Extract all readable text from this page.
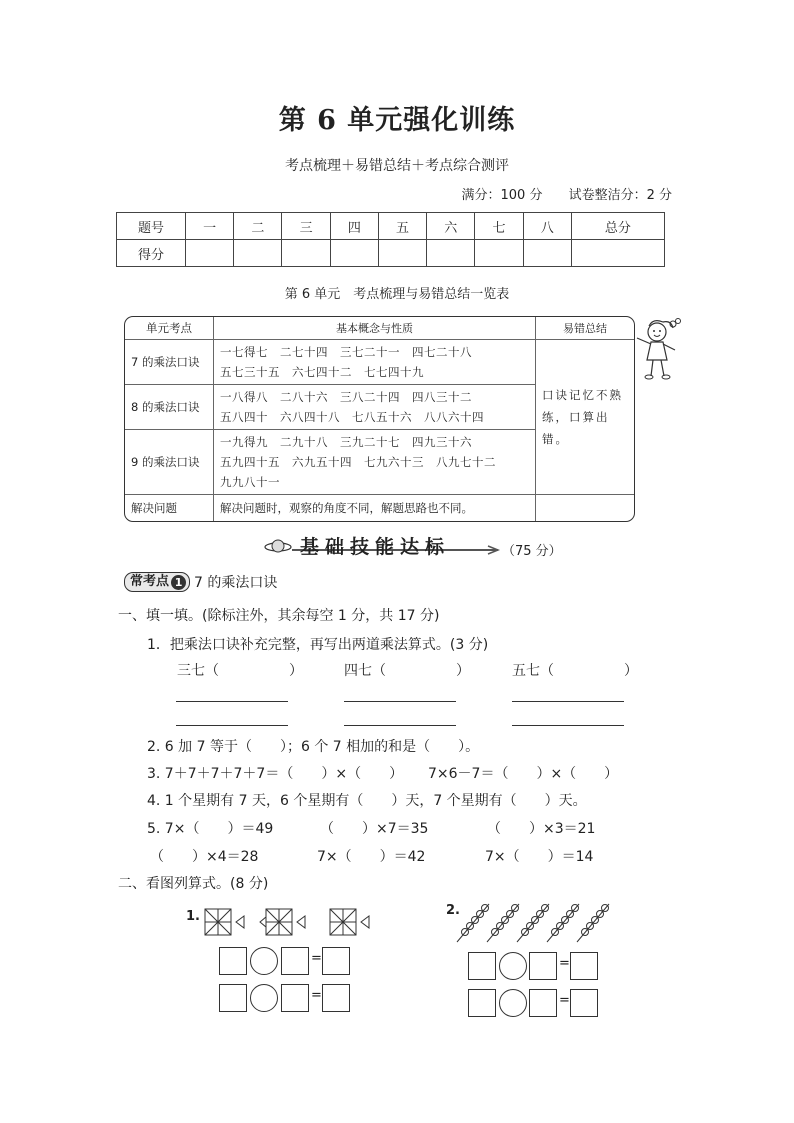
第 6 单元强化训练
考点梳理＋易错总结＋考点综合测评
满分：100 分 试卷整洁分：2 分
题号	一	二	三	四	五	六	七	八	总分
得分									
第 6 单元　考点梳理与易错总结一览表
单元考点	基本概念与性质	易错总结
7 的乘法口诀	一七得七　二七十四　三七二十一　四七二十八
五七三十五　六七四十二　七七四十九	口诀记忆不熟练，口算出错。
8 的乘法口诀	一八得八　二八十六　三八二十四　四八三十二
五八四十　六八四十八　七八五十六　八八六十四	

9 的乘法口诀	一九得九　二九十八　三九二十七　四九三十六
五九四十五　六九五十四　七九六十三　八九七十二
九九八十一	

解决问题	解决问题时，观察的角度不同，解题思路也不同。	
基础技能达标	（75 分）
常考点 1 7 的乘法口诀
一、填一填。(除标注外，其余每空 1 分，共 17 分)
1．把乘法口诀补充完整，再写出两道乘法算式。(3 分)
三七（　　　　　）	四七（　　　　　）	五七（　　　　　）
2. 6 加 7 等于（　　）；6 个 7 相加的和是（　　）。
3. 7＋7＋7＋7＋7＝（　　）×（　　） 7×6－7＝（　　）×（　　）
4. 1 个星期有 7 天，6 个星期有（　　）天，7 个星期有（　　）天。
5. 7×（　　）＝49	（　　）×7＝35	（　　）×3＝21
（　　）×4＝28	7×（　　）＝42	7×（　　）＝14
二、看图列算式。(8 分)
1.
=
=
2.
=
=
